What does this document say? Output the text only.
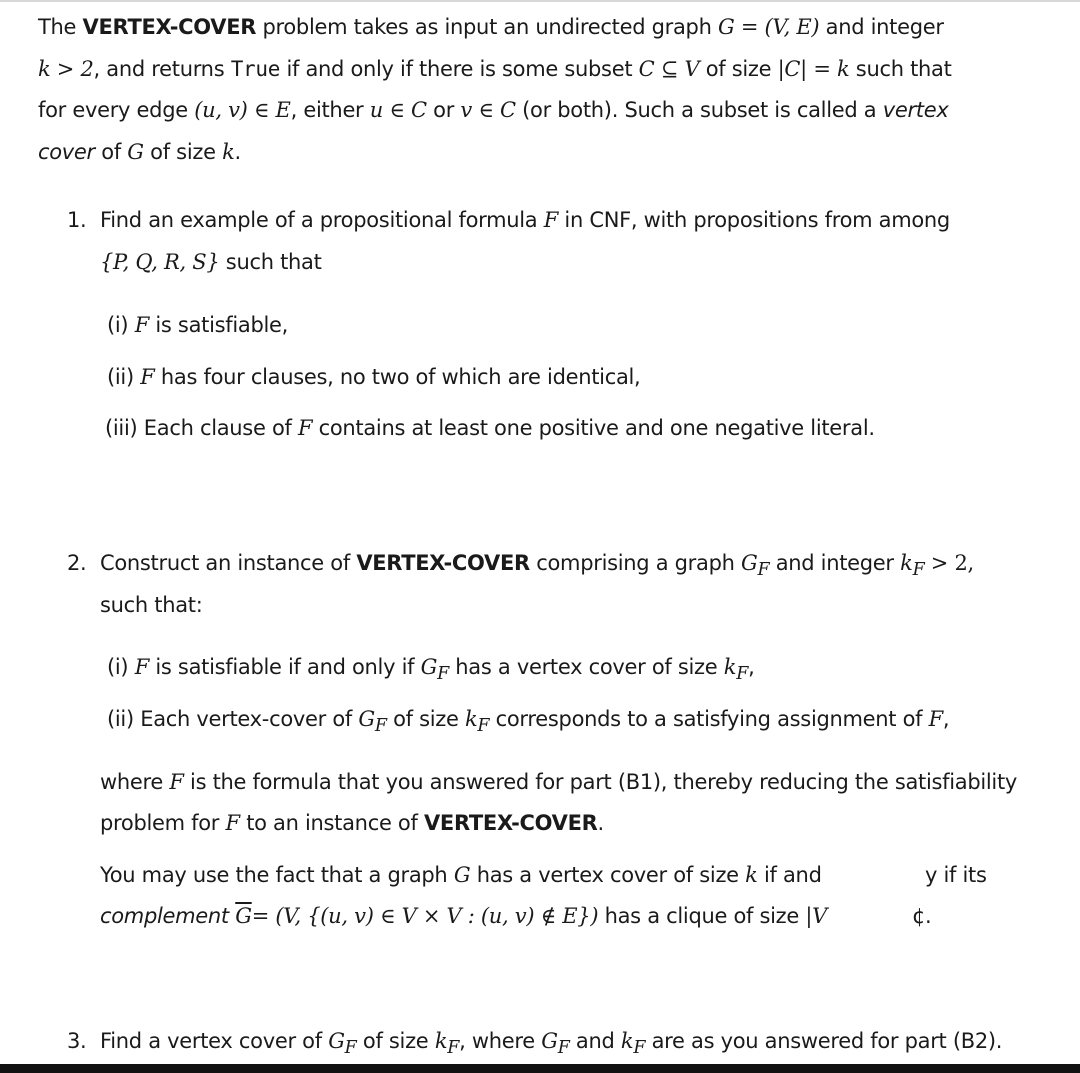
The VERTEX-COVER problem takes as input an undirected graph G = (V, E) and integer
k > 2, and returns True if and only if there is some subset C ⊆ V of size |C| = k such that
for every edge (u, v) ∈ E, either u ∈ C or v ∈ C (or both). Such a subset is called a vertex
cover of G of size k.
1. Find an example of a propositional formula F in CNF, with propositions from among
{P, Q, R, S} such that
(i) F is satisfiable,
(ii) F has four clauses, no two of which are identical,
(iii) Each clause of F contains at least one positive and one negative literal.
2. Construct an instance of VERTEX-COVER comprising a graph $G_F$ and integer $k_F > 2$,
such that:
(i) F is satisfiable if and only if $G_F$ has a vertex cover of size $k_F$,
(ii) Each vertex-cover of $G_F$ of size $k_F$ corresponds to a satisfying assignment of F,
where F is the formula that you answered for part (B1), thereby reducing the satisfiability
problem for F to an instance of VERTEX-COVER.
You may use the fact that a graph G has a vertex cover of size k if and	y if its
complement $\overline{G}= (V$, {(u, v) ∈ V × V : (u, v) ∉ E}) has a clique of size |V	¢.
3. Find a vertex cover of $G_F$ of size $k_F$, where $G_F$ and $k_F$ are as you answered for part (B2).
